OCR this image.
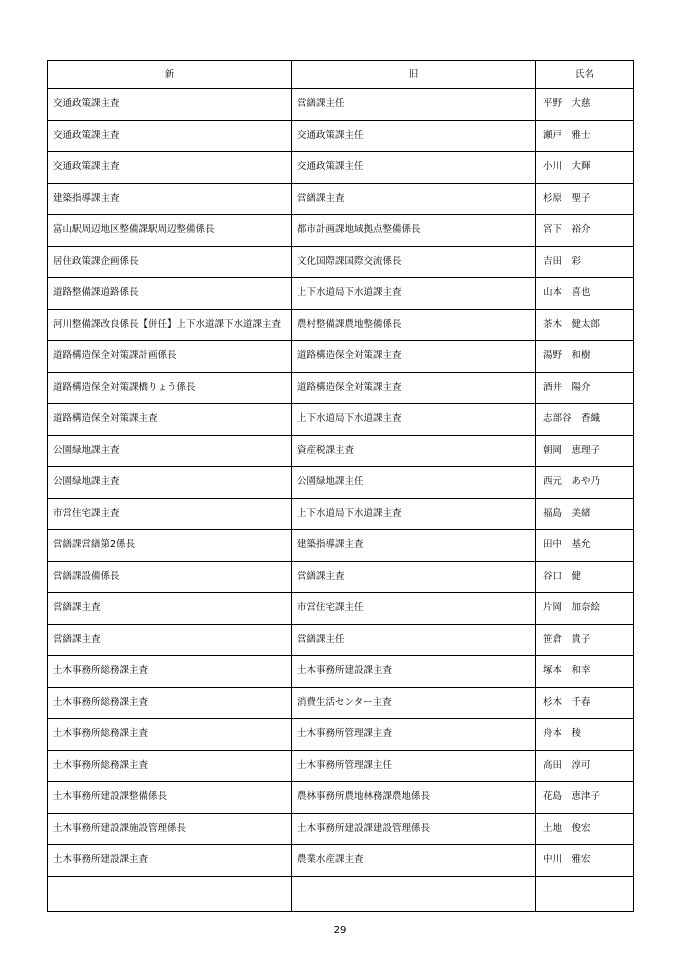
新	旧	氏名
交通政策課主査	営繕課主任	平野　大慈
交通政策課主査	交通政策課主任	瀬戸　雅士
交通政策課主査	交通政策課主任	小川　大輝
建築指導課主査	営繕課主査	杉原　聖子
富山駅周辺地区整備課駅周辺整備係長	都市計画課地域拠点整備係長	宮下　裕介
居住政策課企画係長	文化国際課国際交流係長	吉田　彩
道路整備課道路係長	上下水道局下水道課主査	山本　喜也
河川整備課改良係長【併任】上下水道課下水道課主査	農村整備課農地整備係長	茶木　健太郎
道路構造保全対策課計画係長	道路構造保全対策課主査	湯野　和樹
道路構造保全対策課橋りょう係長	道路構造保全対策課主査	酒井　陽介
道路構造保全対策課主査	上下水道局下水道課主査	志部谷　香織
公園緑地課主査	資産税課主査	朝岡　恵理子
公園緑地課主査	公園緑地課主任	西元　あや乃
市営住宅課主査	上下水道局下水道課主査	福島　美緒
営繕課営繕第2係長	建築指導課主査	田中　基允
営繕課設備係長	営繕課主査	谷口　健
営繕課主査	市営住宅課主任	片岡　加奈絵
営繕課主査	営繕課主任	笹倉　貴子
土木事務所総務課主査	土木事務所建設課主査	塚本　和幸
土木事務所総務課主査	消費生活センター主査	杉木　千春
土木事務所総務課主査	土木事務所管理課主査	舟本　稜
土木事務所総務課主査	土木事務所管理課主任	高田　淳可
土木事務所建設課整備係長	農林事務所農地林務課農地係長	花島　恵津子
土木事務所建設課施設管理係長	土木事務所建設課建設管理係長	土地　俊宏
土木事務所建設課主査	農業水産課主査	中川　雅宏

29
